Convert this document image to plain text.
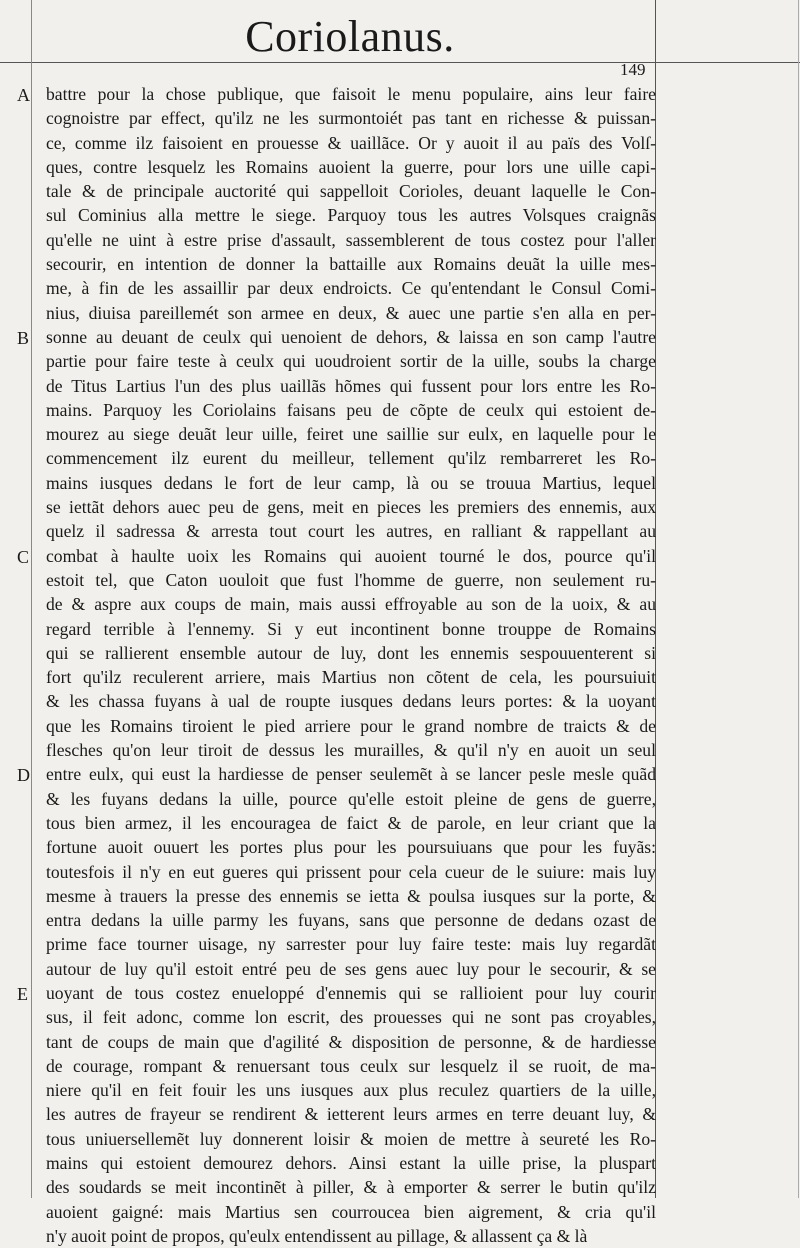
Coriolanus.
149
A
B
C
D
E
battre pour la chose publique, que faisoit le menu populaire, ains leur faire
cognoistre par effect, qu'ilz ne les surmontoiét pas tant en richesse & puissan-
ce, comme ilz faisoient en prouesse & uaillãce. Or y auoit il au païs des Volſ-
ques, contre lesquelz les Romains auoient la guerre, pour lors une uille capi-
tale & de principale auctorité qui sappelloit Corioles, deuant laquelle le Con-
sul Cominius alla mettre le siege. Parquoy tous les autres Volsques craignãs
qu'elle ne uint à estre prise d'assault, sassemblerent de tous costez pour l'aller
secourir, en intention de donner la battaille aux Romains deuãt la uille mes-
me, à fin de les assaillir par deux endroicts. Ce qu'entendant le Consul Comi-
nius, diuisa pareillemét son armee en deux, & auec une partie s'en alla en per-
sonne au deuant de ceulx qui uenoient de dehors, & laissa en son camp l'autre
partie pour faire teste à ceulx qui uoudroient sortir de la uille, soubs la charge
de Titus Lartius l'un des plus uaillãs hõmes qui fussent pour lors entre les Ro-
mains. Parquoy les Coriolains faisans peu de cõpte de ceulx qui estoient de-
mourez au siege deuãt leur uille, feiret une saillie sur eulx, en laquelle pour le
commencement ilz eurent du meilleur, tellement qu'ilz rembarreret les Ro-
mains iusques dedans le fort de leur camp, là ou se trouua Martius, lequel
se iettãt dehors auec peu de gens, meit en pieces les premiers des ennemis, aux
quelz il sadressa & arresta tout court les autres, en ralliant & rappellant au
combat à haulte uoix les Romains qui auoient tourné le dos, pource qu'il
estoit tel, que Caton uouloit que fust l'homme de guerre, non seulement ru-
de & aspre aux coups de main, mais aussi effroyable au son de la uoix, & au
regard terrible à l'ennemy. Si y eut incontinent bonne trouppe de Romains
qui se rallierent ensemble autour de luy, dont les ennemis sespouuenterent si
fort qu'ilz reculerent arriere, mais Martius non cõtent de cela, les poursuiuit
& les chassa fuyans à ual de roupte iusques dedans leurs portes: & la uoyant
que les Romains tiroient le pied arriere pour le grand nombre de traicts & de
flesches qu'on leur tiroit de dessus les murailles, & qu'il n'y en auoit un seul
entre eulx, qui eust la hardiesse de penser seulemẽt à se lancer pesle mesle quãd
& les fuyans dedans la uille, pource qu'elle estoit pleine de gens de guerre,
tous bien armez, il les encouragea de faict & de parole, en leur criant que la
fortune auoit ouuert les portes plus pour les poursuiuans que pour les fuyãs:
toutesfois il n'y en eut gueres qui prissent pour cela cueur de le suiure: mais luy
mesme à trauers la presse des ennemis se ietta & poulsa iusques sur la porte, &
entra dedans la uille parmy les fuyans, sans que personne de dedans ozast de
prime face tourner uisage, ny sarrester pour luy faire teste: mais luy regardãt
autour de luy qu'il estoit entré peu de ses gens auec luy pour le secourir, & se
uoyant de tous costez enueloppé d'ennemis qui se rallioient pour luy courir
sus, il feit adonc, comme lon escrit, des prouesses qui ne sont pas croyables,
tant de coups de main que d'agilité & disposition de personne, & de hardiesse
de courage, rompant & renuersant tous ceulx sur lesquelz il se ruoit, de ma-
niere qu'il en feit fouir les uns iusques aux plus reculez quartiers de la uille,
les autres de frayeur se rendirent & ietterent leurs armes en terre deuant luy, &
tous uniuersellemẽt luy donnerent loisir & moien de mettre à seureté les Ro-
mains qui estoient demourez dehors. Ainsi estant la uille prise, la pluspart
des soudards se meit incontinẽt à piller, & à emporter & serrer le butin qu'ilz
auoient gaigné: mais Martius sen courroucea bien aigrement, & cria qu'il
n'y auoit point de propos, qu'eulx entendissent au pillage, & allassent ça & là
